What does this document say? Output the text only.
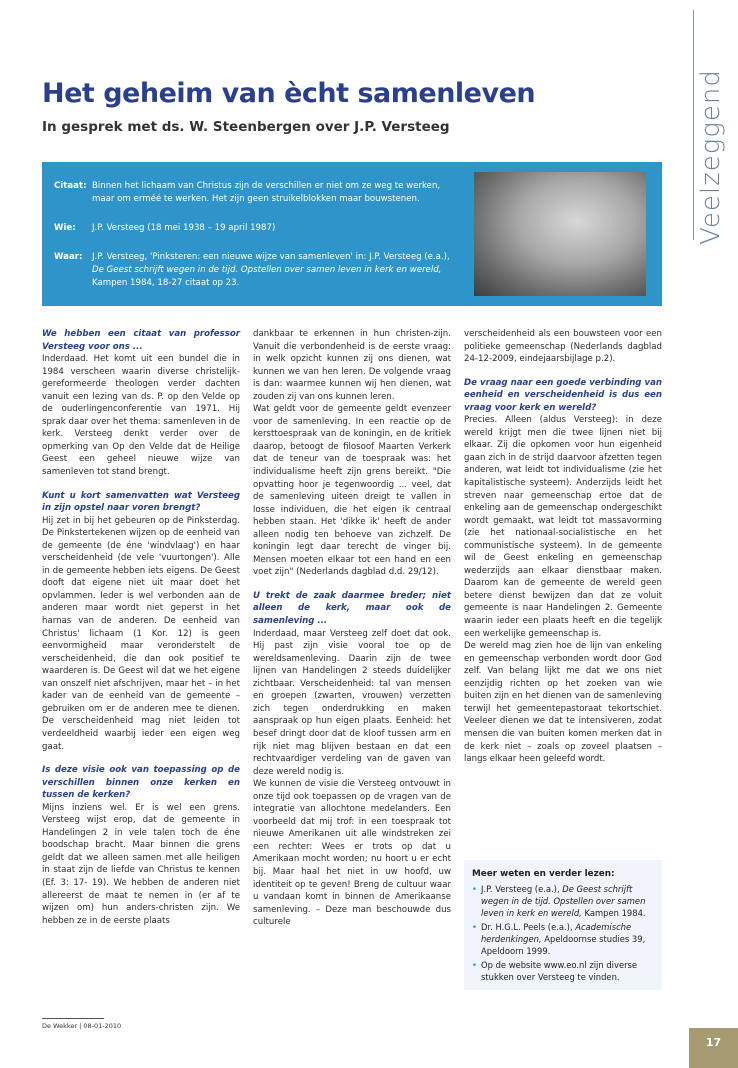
Veelzeggend
Het geheim van ècht samenleven
In gesprek met ds. W. Steenbergen over J.P. Versteeg
Citaat: Binnen het lichaam van Christus zijn de verschillen er niet om ze weg te werken, maar om erméé te werken. Het zijn geen struikelblokken maar bouwstenen.
Wie:	J.P. Versteeg (18 mei 1938 – 19 april 1987)
Waar:	J.P. Versteeg, 'Pinksteren: een nieuwe wijze van samenleven' in: J.P. Versteeg (e.a.), De Geest schrijft wegen in de tijd. Opstellen over samen leven in kerk en wereld, Kampen 1984, 18-27 citaat op 23.

We hebben een citaat van professor Versteeg voor ons ...

Inderdaad. Het komt uit een bundel die in 1984 verscheen waarin diverse christelijk-gereformeerde theologen verder dachten vanuit een lezing van ds. P. op den Velde op de ouderlingenconferentie van 1971. Hij sprak daar over het thema: samenleven in de kerk. Versteeg denkt verder over de opmerking van Op den Velde dat de Heilige Geest een geheel nieuwe wijze van samenleven tot stand brengt.

Kunt u kort samenvatten wat Versteeg in zijn opstel naar voren brengt?

Hij zet in bij het gebeuren op de Pinksterdag. De Pinkstertekenen wijzen op de eenheid van de gemeente (de éne 'windvlaag') en haar verscheidenheid (de vele 'vuurtongen'). Alle in de gemeente hebben iets eigens. De Geest dooft dat eigene niet uit maar doet het opvlammen. Ieder is wel verbonden aan de anderen maar wordt niet geperst in het harnas van de anderen. De eenheid van Christus' lichaam (1 Kor. 12) is geen eenvormigheid maar veronderstelt de verscheidenheid, die dan ook positief te waarderen is. De Geest wil dat we het eigene van onszelf niet afschrijven, maar het – in het kader van de eenheid van de gemeente – gebruiken om er de anderen mee te dienen. De verscheidenheid mag niet leiden tot verdeeldheid waarbij ieder een eigen weg gaat.

Is deze visie ook van toepassing op de verschillen binnen onze kerken en tussen de kerken?

Mijns inziens wel. Er is wel een grens. Versteeg wijst erop, dat de gemeente in Handelingen 2 in vele talen toch de éne boodschap bracht. Maar binnen die grens geldt dat we alleen samen met alle heiligen in staat zijn de liefde van Christus te kennen (Ef. 3: 17- 19). We hebben de anderen niet allereerst de maat te nemen in (er af te wijzen om) hun anders-christen zijn. We hebben ze in de eerste plaats

dankbaar te erkennen in hun christen-zijn. Vanuit die verbondenheid is de eerste vraag: in welk opzicht kunnen zij ons dienen, wat kunnen we van hen leren. De volgende vraag is dan: waarmee kunnen wij hen dienen, wat zouden zij van ons kunnen leren.

Wat geldt voor de gemeente geldt evenzeer voor de samenleving. In een reactie op de kersttoespraak van de koningin, en de kritiek daarop, betoogt de filosoof Maarten Verkerk dat de teneur van de toespraak was: het individualisme heeft zijn grens bereikt. "Die opvatting hoor je tegenwoordig ... veel, dat de samenleving uiteen dreigt te vallen in losse individuen, die het eigen ik centraal hebben staan. Het 'dikke ik' heeft de ander alleen nodig ten behoeve van zichzelf. De koningin legt daar terecht de vinger bij. Mensen moeten elkaar tot een hand en een voet zijn" (Nederlands dagblad d.d. 29/12).

U trekt de zaak daarmee breder; niet alleen de kerk, maar ook de samenleving ...

Inderdaad, maar Versteeg zelf doet dat ook. Hij past zijn visie vooral toe op de wereldsamenleving. Daarin zijn de twee lijnen van Handelingen 2 steeds duidelijker zichtbaar. Verscheidenheid: tal van mensen en groepen (zwarten, vrouwen) verzetten zich tegen onderdrukking en maken aanspraak op hun eigen plaats. Eenheid: het besef dringt door dat de kloof tussen arm en rijk niet mag blijven bestaan en dat een rechtvaardiger verdeling van de gaven van deze wereld nodig is.

We kunnen de visie die Versteeg ontvouwt in onze tijd ook toepassen op de vragen van de integratie van allochtone medelanders. Een voorbeeld dat mij trof: in een toespraak tot nieuwe Amerikanen uit alle windstreken zei een rechter: Wees er trots op dat u Amerikaan mocht worden; nu hoort u er echt bij. Maar haal het niet in uw hoofd, uw identiteit op te geven! Breng de cultuur waar u vandaan komt in binnen de Amerikaanse samenleving. – Deze man beschouwde dus culturele

verscheidenheid als een bouwsteen voor een politieke gemeenschap (Nederlands dagblad 24-12-2009, eindejaarsbijlage p.2).

De vraag naar een goede verbinding van eenheid en verscheidenheid is dus een vraag voor kerk en wereld?

Precies. Alleen (aldus Versteeg): in deze wereld krijgt men die twee lijnen niet bij elkaar. Zij die opkomen voor hun eigenheid gaan zich in de strijd daarvoor afzetten tegen anderen, wat leidt tot individualisme (zie het kapitalistische systeem). Anderzijds leidt het streven naar gemeenschap ertoe dat de enkeling aan de gemeenschap ondergeschikt wordt gemaakt, wat leidt tot massavorming (zie het nationaal-socialistische en het communistische systeem). In de gemeente wil de Geest enkeling en gemeenschap wederzijds aan elkaar dienstbaar maken. Daarom kan de gemeente de wereld geen betere dienst bewijzen dan dat ze voluit gemeente is naar Handelingen 2. Gemeente waarin ieder een plaats heeft en die tegelijk een werkelijke gemeenschap is.

De wereld mag zien hoe de lijn van enkeling en gemeenschap verbonden wordt door God zelf. Van belang lijkt me dat we ons niet eenzijdig richten op het zoeken van wie buiten zijn en het dienen van de samenleving terwijl het gemeentepastoraat tekortschiet. Veeleer dienen we dat te intensiveren, zodat mensen die van buiten komen merken dat in de kerk niet – zoals op zoveel plaatsen – langs elkaar heen geleefd wordt.

Meer weten en verder lezen:
• J.P. Versteeg (e.a.), De Geest schrijft wegen in de tijd. Opstellen over samen leven in kerk en wereld, Kampen 1984.
• Dr. H.G.L. Peels (e.a.), Academische herdenkingen, Apeldoornse studies 39, Apeldoorn 1999.
• Op de website www.eo.nl zijn diverse stukken over Versteeg te vinden.
De Wekker | 08-01-2010
17
